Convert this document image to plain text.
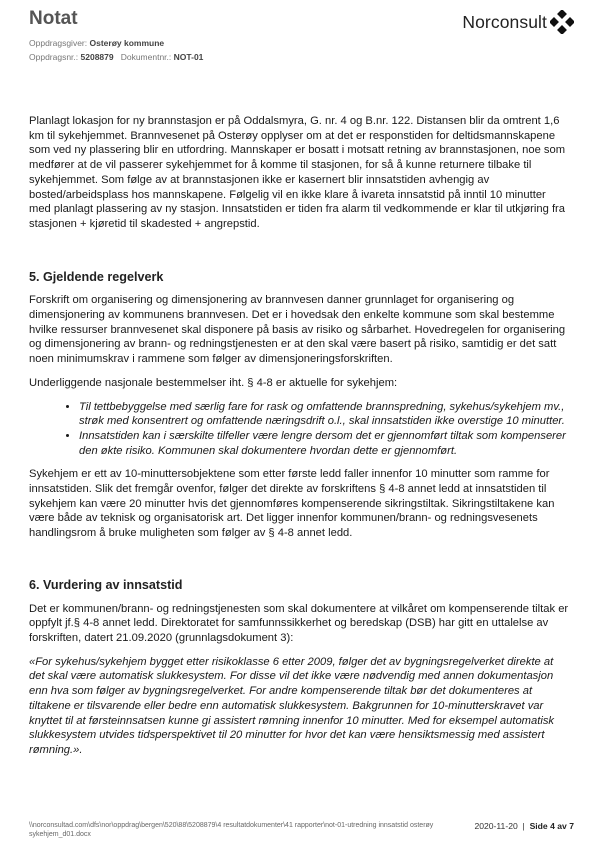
Notat
Oppdragsgiver: Osterøy kommune
Oppdragsnr.: 5208879 Dokumentnr.: NOT-01
Norconsult

Planlagt lokasjon for ny brannstasjon er på Oddalsmyra, G. nr. 4 og B.nr. 122. Distansen blir da omtrent 1,6 km til sykehjemmet. Brannvesenet på Osterøy opplyser om at det er responstiden for deltidsmannskapene som ved ny plassering blir en utfordring. Mannskaper er bosatt i motsatt retning av brannstasjonen, noe som medfører at de vil passerer sykehjemmet for å komme til stasjonen, for så å kunne returnere tilbake til sykehjemmet. Som følge av at brannstasjonen ikke er kasernert blir innsatstiden avhengig av bosted/arbeidsplass hos mannskapene. Følgelig vil en ikke klare å ivareta innsatstid på inntil 10 minutter med planlagt plassering av ny stasjon. Innsatstiden er tiden fra alarm til vedkommende er klar til utkjøring fra stasjonen + kjøretid til skadested + angrepstid.

5. Gjeldende regelverk

Forskrift om organisering og dimensjonering av brannvesen danner grunnlaget for organisering og dimensjonering av kommunens brannvesen. Det er i hovedsak den enkelte kommune som skal bestemme hvilke ressurser brannvesenet skal disponere på basis av risiko og sårbarhet. Hovedregelen for organisering og dimensjonering av brann- og redningstjenesten er at den skal være basert på risiko, samtidig er det satt noen minimumskrav i rammene som følger av dimensjoneringsforskriften.

Underliggende nasjonale bestemmelser iht. § 4-8 er aktuelle for sykehjem:

• Til tettbebyggelse med særlig fare for rask og omfattende brannspredning, sykehus/sykehjem mv., strøk med konsentrert og omfattende næringsdrift o.l., skal innsatstiden ikke overstige 10 minutter.
• Innsatstiden kan i særskilte tilfeller være lengre dersom det er gjennomført tiltak som kompenserer den økte risiko. Kommunen skal dokumentere hvordan dette er gjennomført.

Sykehjem er ett av 10-minuttersobjektene som etter første ledd faller innenfor 10 minutter som ramme for innsatstiden. Slik det fremgår ovenfor, følger det direkte av forskriftens § 4-8 annet ledd at innsatstiden til sykehjem kan være 20 minutter hvis det gjennomføres kompenserende sikringstiltak. Sikringstiltakene kan være både av teknisk og organisatorisk art. Det ligger innenfor kommunen/brann- og redningsvesenets handlingsrom å bruke muligheten som følger av § 4-8 annet ledd.

6. Vurdering av innsatstid

Det er kommunen/brann- og redningstjenesten som skal dokumentere at vilkåret om kompenserende tiltak er oppfylt jf.§ 4-8 annet ledd. Direktoratet for samfunnssikkerhet og beredskap (DSB) har gitt en uttalelse av forskriften, datert 21.09.2020 (grunnlagsdokument 3):

«For sykehus/sykehjem bygget etter risikoklasse 6 etter 2009, følger det av bygningsregelverket direkte at det skal være automatisk slukkesystem. For disse vil det ikke være nødvendig med annen dokumentasjon enn hva som følger av bygningsregelverket. For andre kompenserende tiltak bør det dokumenteres at tiltakene er tilsvarende eller bedre enn automatisk slukkesystem. Bakgrunnen for 10-minutterskravet var knyttet til at førsteinnsatsen kunne gi assistert rømning innenfor 10 minutter. Med for eksempel automatisk slukkesystem utvides tidsperspektivet til 20 minutter for hvor det kan være hensiktsmessig med assistert rømning.».

\\norconsultad.com\dfs\nor\oppdrag\bergen\520\88\5208879\4 resultatdokumenter\41 rapporter\not-01-utredning innsatstid osterøy sykehjem_d01.docx
2020-11-20 | Side 4 av 7
